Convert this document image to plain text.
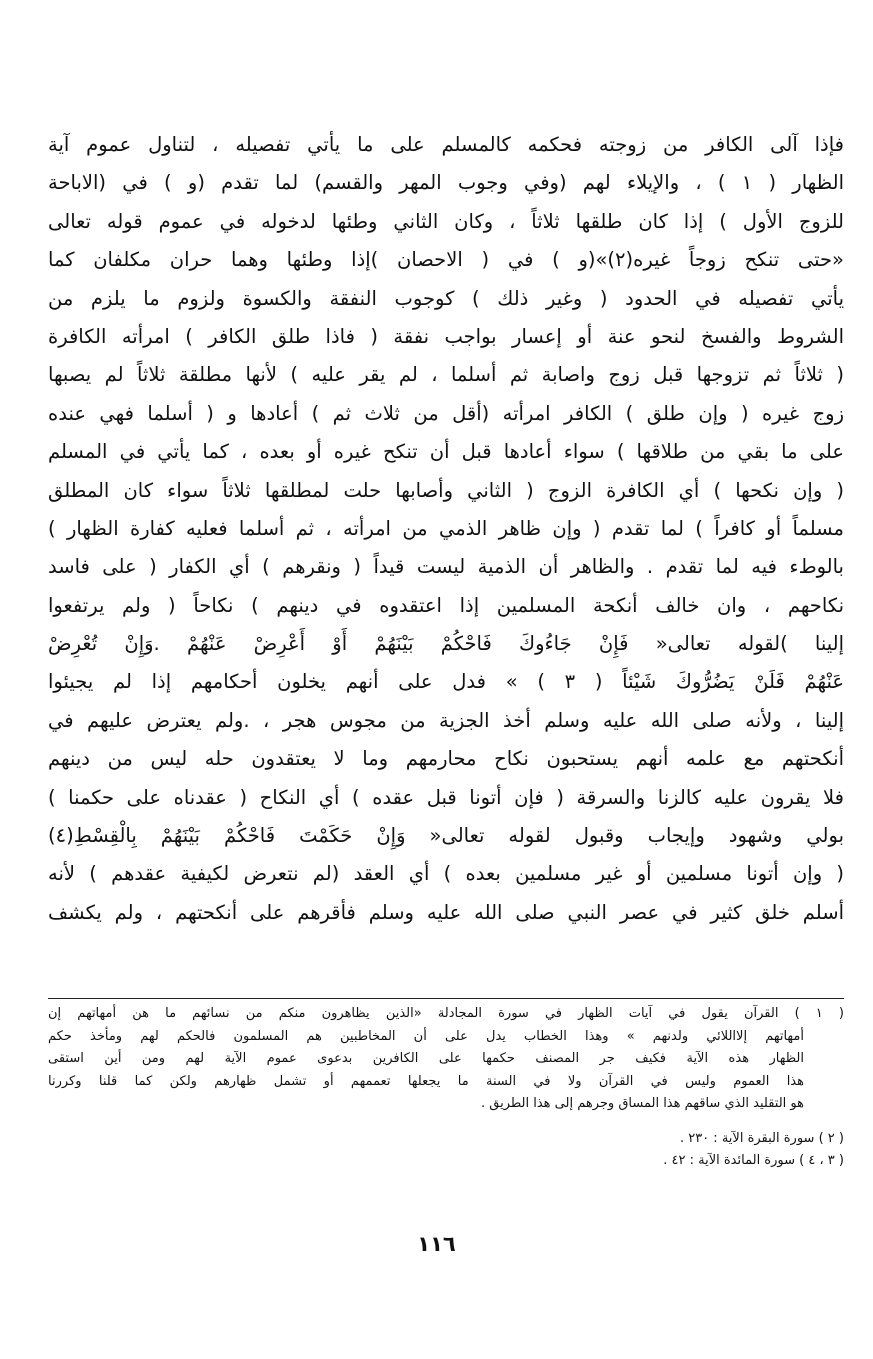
فإذا آلى الكافر من زوجته فحكمه كالمسلم على ما يأتي تفصيله ، لتناول عموم آية
الظهار ( ١ ) ، والإيلاء لهم (وفي وجوب المهر والقسم) لما تقدم (و ) في (الاباحة
للزوج الأول ) إذا كان طلقها ثلاثاً ، وكان الثاني وطئها لدخوله في عموم قوله تعالى
«حتى تنكح زوجاً غيره(٢)»(و ) في ( الاحصان )إذا وطئها وهما حران مكلفان كما
يأتي تفصيله في الحدود ( وغير ذلك ) كوجوب النفقة والكسوة ولزوم ما يلزم من
الشروط والفسخ لنحو عنة أو إعسار بواجب نفقة ( فاذا طلق الكافر ) امرأته الكافرة
( ثلاثاً ثم تزوجها قبل زوج واصابة ثم أسلما ، لم يقر عليه ) لأنها مطلقة ثلاثاً لم يصبها
زوج غيره ( وإن طلق ) الكافر امرأته (أقل من ثلاث ثم ) أعادها و ( أسلما فهي عنده
على ما بقي من طلاقها ) سواء أعادها قبل أن تنكح غيره أو بعده ، كما يأتي في المسلم
( وإن نكحها ) أي الكافرة الزوج ( الثاني وأصابها حلت لمطلقها ثلاثاً سواء كان المطلق
مسلماً أو كافراً ) لما تقدم ( وإن ظاهر الذمي من امرأته ، ثم أسلما فعليه كفارة الظهار )
بالوطء فيه لما تقدم . والظاهر أن الذمية ليست قيداً ( ونقرهم ) أي الكفار ( على فاسد
نكاحهم ، وان خالف أنكحة المسلمين إذا اعتقدوه في دينهم ) نكاحاً ( ولم يرتفعوا
إلينا )لقوله تعالى« فَإِنْ جَاءُوكَ فَاحْكُمْ بَيْنَهُمْ أَوْ أَعْرِضْ عَنْهُمْ .وَإِنْ تُعْرِضْ
عَنْهُمْ فَلَنْ يَضُرُّوكَ شَيْئاً ( ٣ ) » فدل على أنهم يخلون أحكامهم إذا لم يجيئوا
إلينا ، ولأنه صلى الله عليه وسلم أخذ الجزية من مجوس هجر ، .ولم يعترض عليهم في
أنكحتهم مع علمه أنهم يستحبون نكاح محارمهم وما لا يعتقدون حله ليس من دينهم
فلا يقرون عليه كالزنا والسرقة ( فإن أتونا قبل عقده ) أي النكاح ( عقدناه على حكمنا )
بولي وشهود وإيجاب وقبول لقوله تعالى« وَإِنْ حَكَمْتَ فَاحْكُمْ بَيْنَهُمْ بِالْقِسْطِ(٤)
( وإن أتونا مسلمين أو غير مسلمين بعده ) أي العقد (لم نتعرض لكيفية عقدهم ) لأنه
أسلم خلق كثير في عصر النبي صلى الله عليه وسلم فأقرهم على أنكحتهم ، ولم يكشف
( ١ ) القرآن يقول في آيات الظهار في سورة المجادلة «الذين يظاهرون منكم من نسائهم ما هن أمهاتهم إن
أمهاتهم إلااللائي ولدنهم » وهذا الخطاب يدل على أن المخاطبين هم المسلمون فالحكم لهم ومأخذ حكم
الظهار هذه الآية فكيف جر المصنف حكمها على الكافرين بدعوى عموم الآية لهم ومن أين استقى
هذا العموم وليس في القرآن ولا في السنة ما يجعلها تعممهم أو تشمل ظهارهم ولكن كما قلنا وكررنا
هو التقليد الذي ساقهم هذا المساق وجرهم إلى هذا الطريق .
( ٢ ) سورة البقرة الآية : ٢٣٠ .
( ٣ ، ٤ ) سورة المائدة الآية : ٤٢ .
١١٦
